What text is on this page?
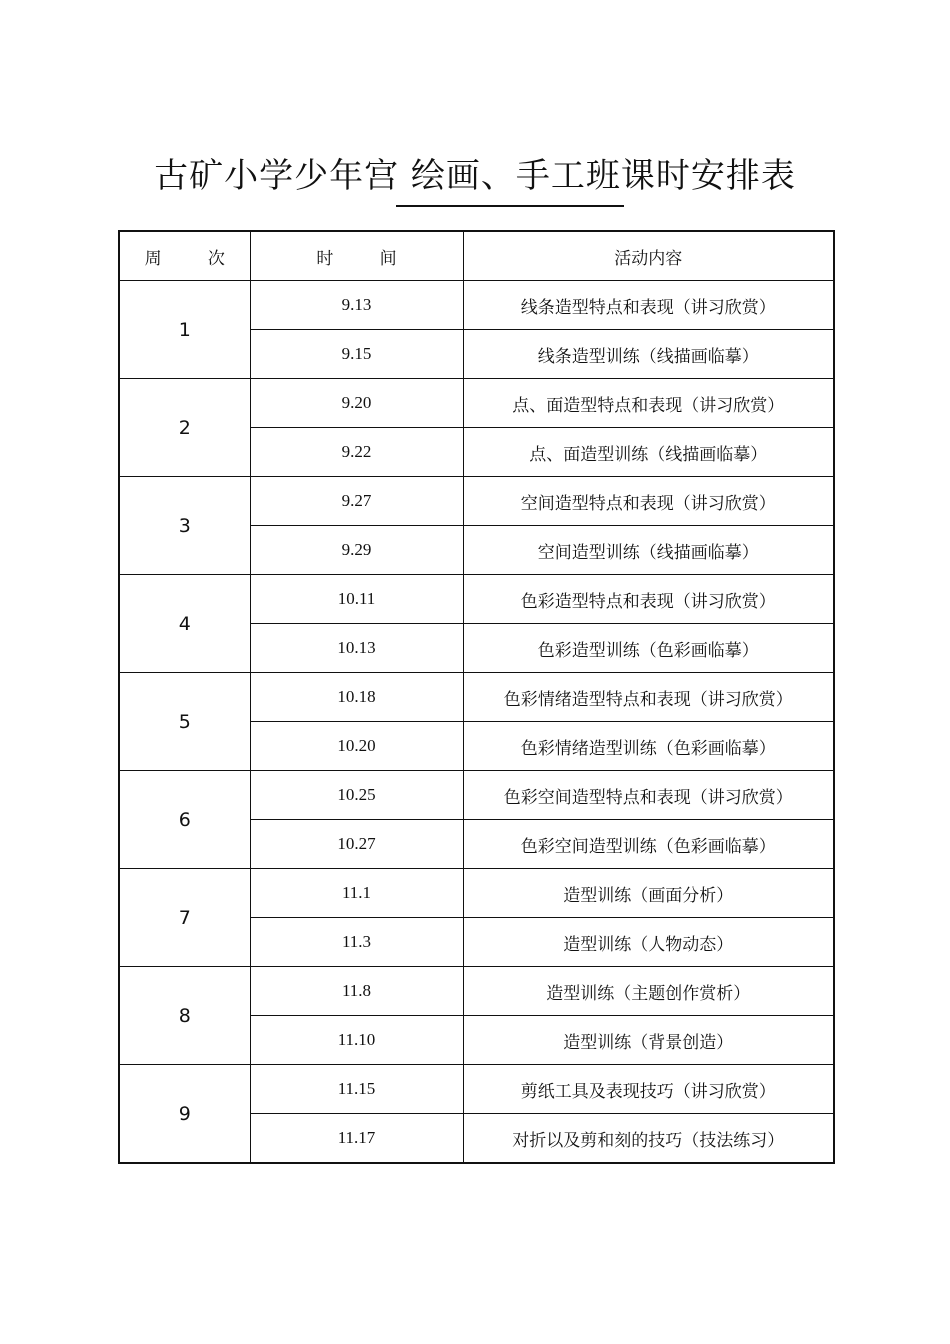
古矿小学少年宫 绘画、手工班课时安排表
周 次	时 间	活动内容
1	9.13	线条造型特点和表现（讲习欣赏）
	9.15	线条造型训练（线描画临摹）
2	9.20	点、面造型特点和表现（讲习欣赏）
	9.22	点、面造型训练（线描画临摹）
3	9.27	空间造型特点和表现（讲习欣赏）
	9.29	空间造型训练（线描画临摹）
4	10.11	色彩造型特点和表现（讲习欣赏）
	10.13	色彩造型训练（色彩画临摹）
5	10.18	色彩情绪造型特点和表现（讲习欣赏）
	10.20	色彩情绪造型训练（色彩画临摹）
6	10.25	色彩空间造型特点和表现（讲习欣赏）
	10.27	色彩空间造型训练（色彩画临摹）
7	11.1	造型训练（画面分析）
	11.3	造型训练（人物动态）
8	11.8	造型训练（主题创作赏析）
	11.10	造型训练（背景创造）
9	11.15	剪纸工具及表现技巧（讲习欣赏）
	11.17	对折以及剪和刻的技巧（技法练习）
